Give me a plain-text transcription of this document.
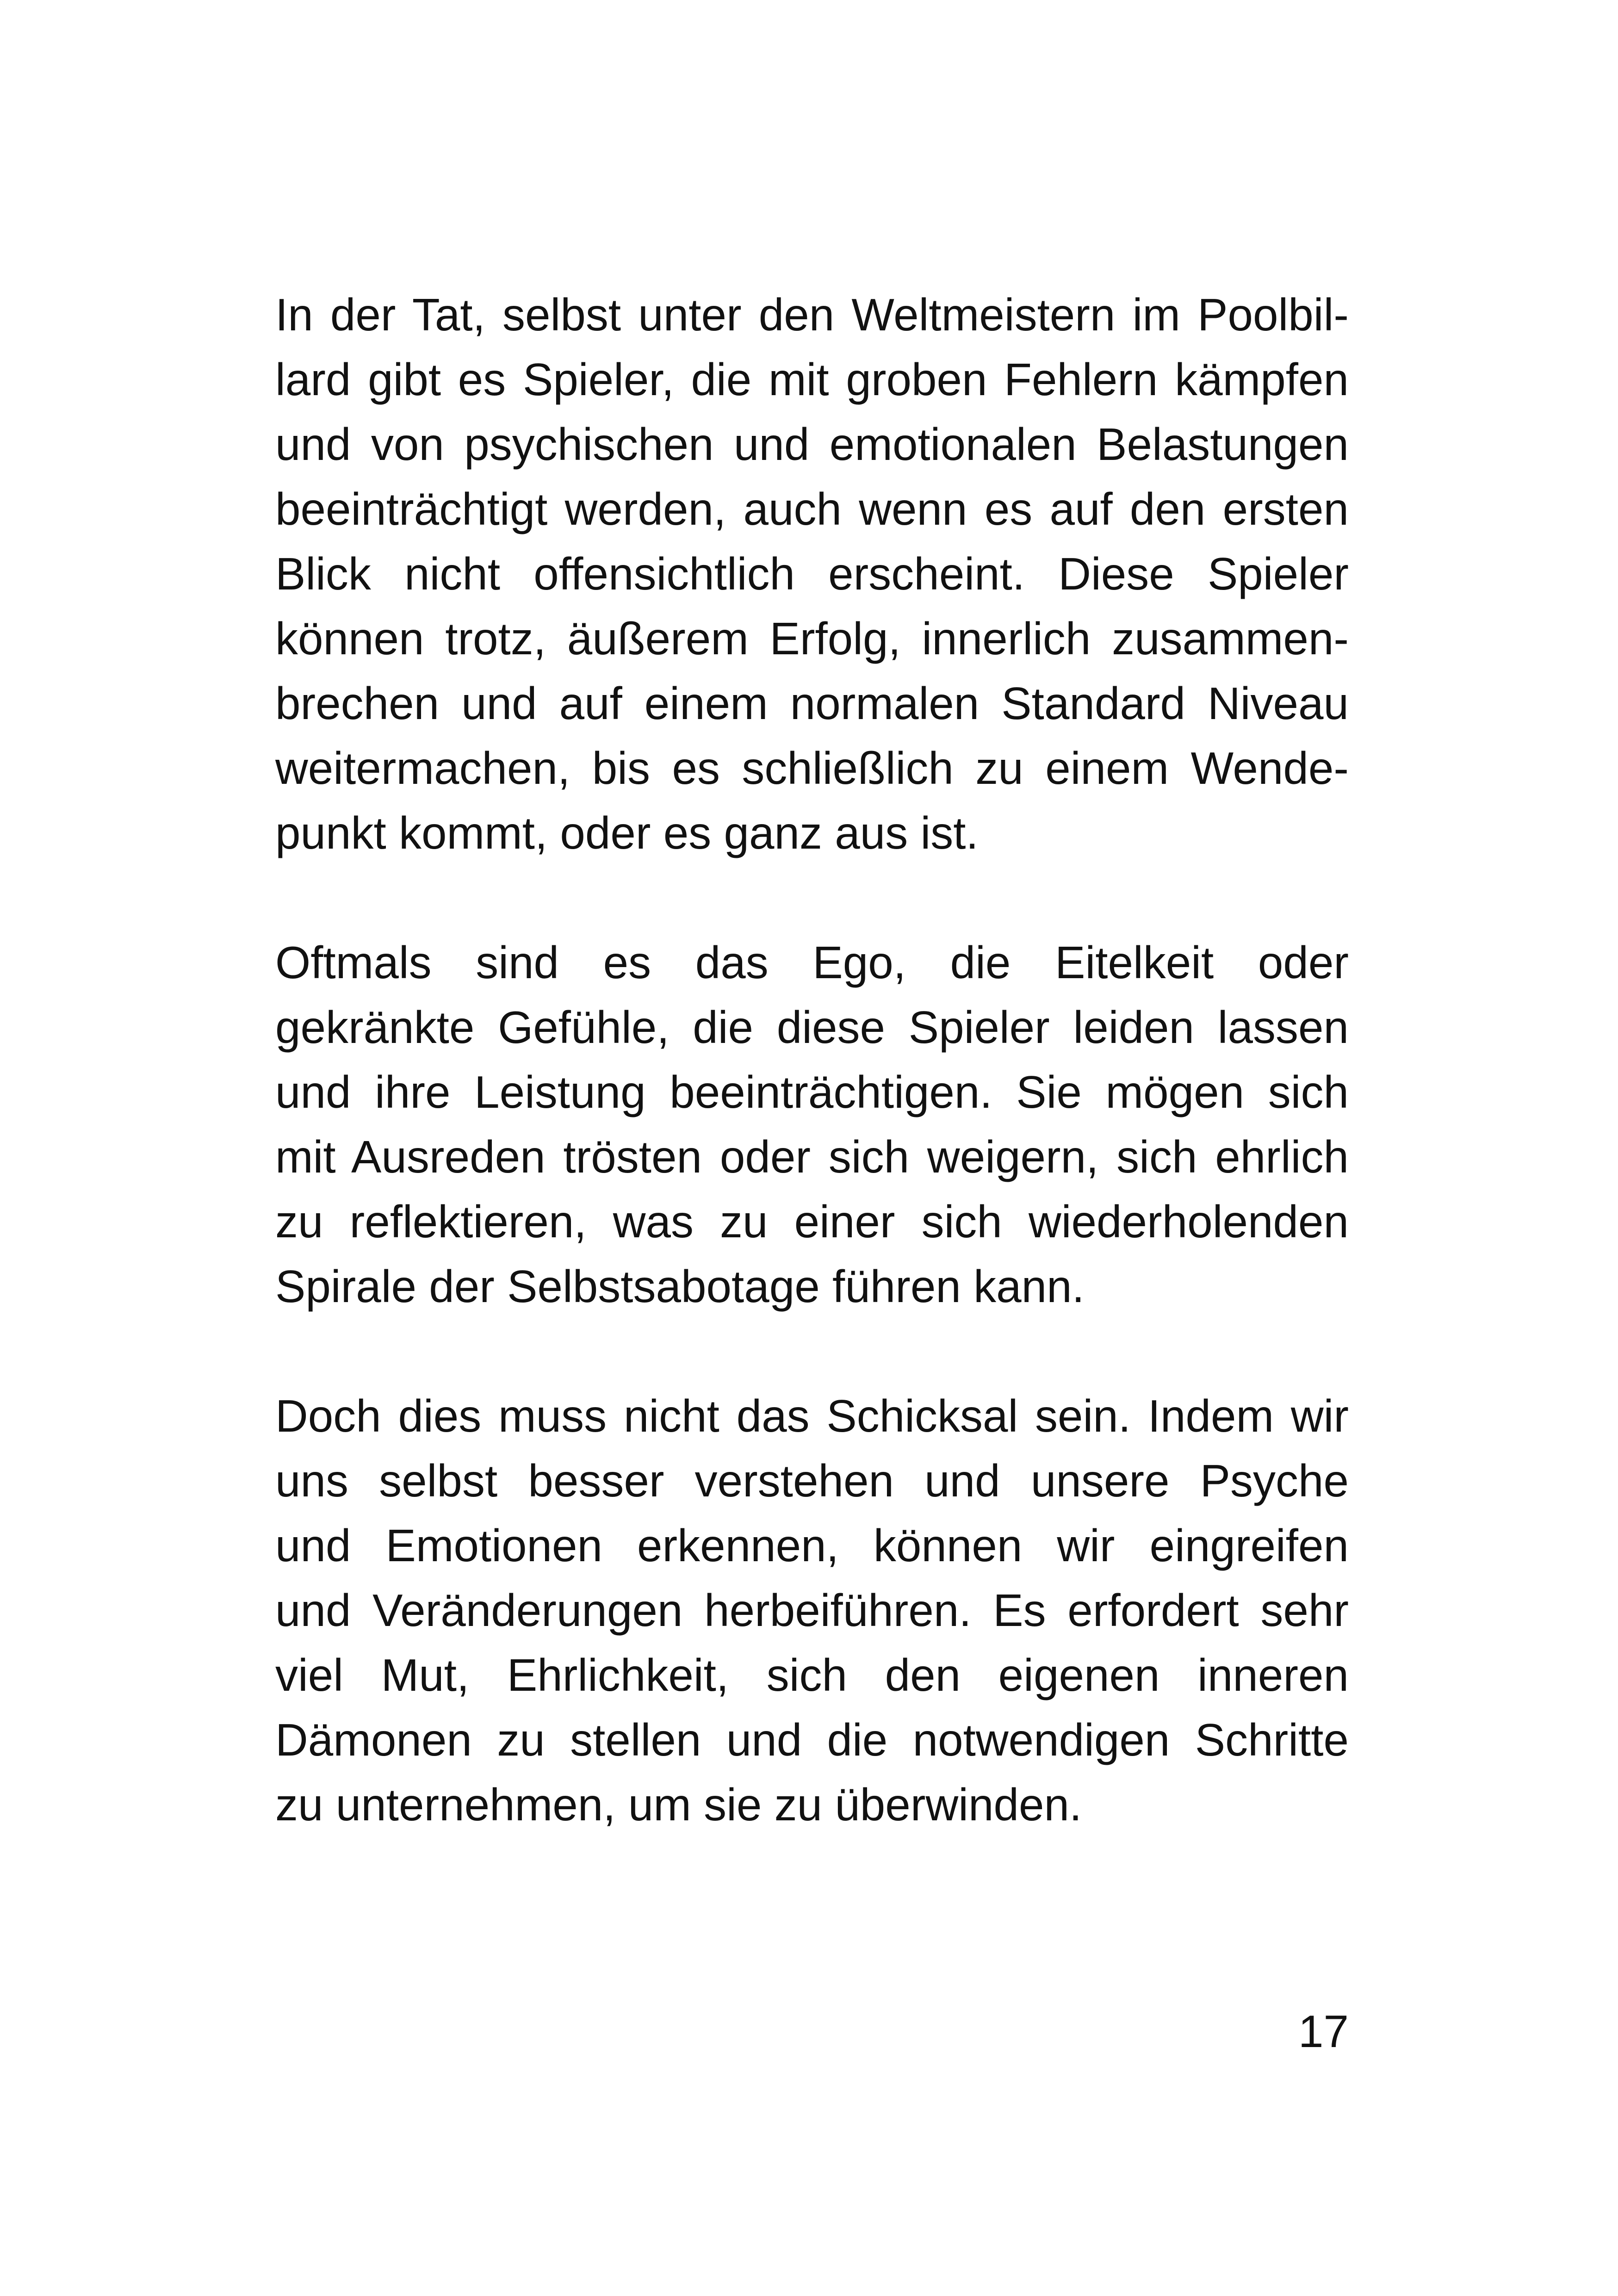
In der Tat, selbst unter den Weltmeistern im Poolbil-
lard gibt es Spieler, die mit groben Fehlern kämpfen
und von psychischen und emotionalen Belastungen
beeinträchtigt werden, auch wenn es auf den ersten
Blick nicht offensichtlich erscheint. Diese Spieler
können trotz, äußerem Erfolg, innerlich zusammen-
brechen und auf einem normalen Standard Niveau
weitermachen, bis es schließlich zu einem Wende-
punkt kommt, oder es ganz aus ist.

Oftmals sind es das Ego, die Eitelkeit oder
gekränkte Gefühle, die diese Spieler leiden lassen
und ihre Leistung beeinträchtigen. Sie mögen sich
mit Ausreden trösten oder sich weigern, sich ehrlich
zu reflektieren, was zu einer sich wiederholenden
Spirale der Selbstsabotage führen kann.

Doch dies muss nicht das Schicksal sein. Indem wir
uns selbst besser verstehen und unsere Psyche
und Emotionen erkennen, können wir eingreifen
und Veränderungen herbeiführen. Es erfordert sehr
viel Mut, Ehrlichkeit, sich den eigenen inneren
Dämonen zu stellen und die notwendigen Schritte
zu unternehmen, um sie zu überwinden.

17
